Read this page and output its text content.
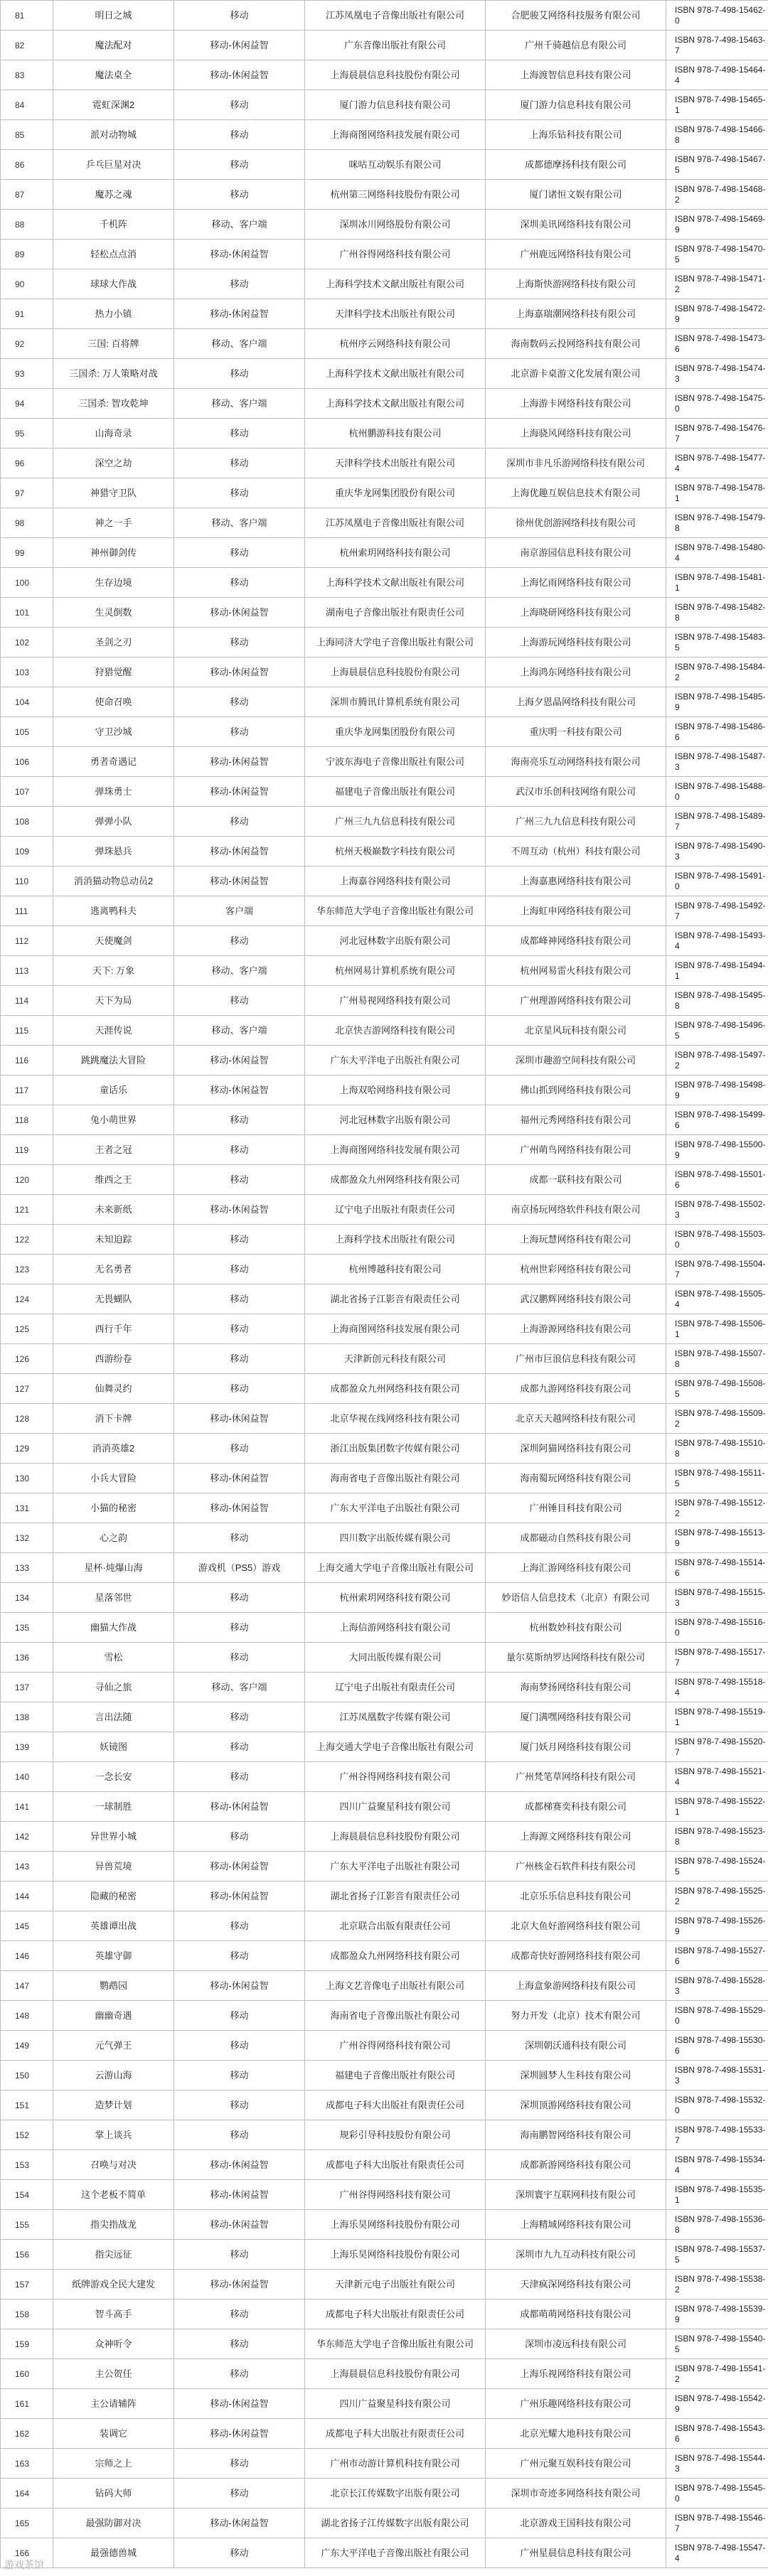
81	明日之城	移动	江苏凤凰电子音像出版社有限公司	合肥骏艾网络科技服务有限公司	ISBN 978-7-498-15462-0
82	魔法配对	移动-休闲益智	广东音像出版社有限公司	广州千骑越信息有限公司	ISBN 978-7-498-15463-7
83	魔法桌全	移动-休闲益智	上海晨晨信息科技股份有限公司	上海渡智信息科技有限公司	ISBN 978-7-498-15464-4
84	霓虹深渊2	移动	厦门游力信息科技有限公司	厦门游力信息科技有限公司	ISBN 978-7-498-15465-1
85	派对动物城	移动	上海商图网络科技发展有限公司	上海乐钻科技有限公司	ISBN 978-7-498-15466-8
86	乒乓巨星对决	移动	咪咕互动娱乐有限公司	成都德摩扬科技有限公司	ISBN 978-7-498-15467-5
87	魔苏之魂	移动	杭州第三网络科技股份有限公司	厦门诸恒文娱有限公司	ISBN 978-7-498-15468-2
88	千机阵	移动、客户端	深圳冰川网络股份有限公司	深圳美讯网络科技有限公司	ISBN 978-7-498-15469-9
89	轻松点点消	移动-休闲益智	广州谷得网络科技有限公司	广州鹿远网络科技有限公司	ISBN 978-7-498-15470-5
90	球球大作战	移动	上海科学技术文献出版社有限公司	上海斯快游网络科技有限公司	ISBN 978-7-498-15471-2
91	热力小镇	移动-休闲益智	天津科学技术出版社有限公司	上海嘉瑞潮网络科技有限公司	ISBN 978-7-498-15472-9
92	三国: 百将牌	移动、客户端	杭州序云网络科技有限公司	海南数码云投网络科技有限公司	ISBN 978-7-498-15473-6
93	三国杀: 万人策略对战	移动	上海科学技术文献出版社有限公司	北京游卡桌游文化发展有限公司	ISBN 978-7-498-15474-3
94	三国杀: 智攻乾坤	移动、客户端	上海科学技术文献出版社有限公司	上海游卡网络科技有限公司	ISBN 978-7-498-15475-0
95	山海奇录	移动	杭州鹏游科技有限公司	上海骁风网络科技有限公司	ISBN 978-7-498-15476-7
96	深空之劫	移动	天津科学技术出版社有限公司	深圳市非凡乐游网络科技有限公司	ISBN 978-7-498-15477-4
97	神猎守卫队	移动	重庆华龙网集团股份有限公司	上海优趣互娱信息技术有限公司	ISBN 978-7-498-15478-1
98	神之一手	移动、客户端	江苏凤凰电子音像出版社有限公司	徐州优创游网络科技有限公司	ISBN 978-7-498-15479-8
99	神州御剑传	移动	杭州索玥网络科技有限公司	南京游园信息科技有限公司	ISBN 978-7-498-15480-4
100	生存边境	移动	上海科学技术文献出版社有限公司	上海忆雨网络科技有限公司	ISBN 978-7-498-15481-1
101	生灵倒数	移动-休闲益智	湖南电子音像出版社有限责任公司	上海晓研网络科技有限公司	ISBN 978-7-498-15482-8
102	圣剑之刃	移动	上海同济大学电子音像出版社有限公司	上海游玩网络科技有限公司	ISBN 978-7-498-15483-5
103	狩猎觉醒	移动-休闲益智	上海晨晨信息科技股份有限公司	上海鸿东网络科技有限公司	ISBN 978-7-498-15484-2
104	使命召唤	移动	深圳市腾讯计算机系统有限公司	上海夕恩晶网络科技有限公司	ISBN 978-7-498-15485-9
105	守卫沙城	移动	重庆华龙网集团股份有限公司	重庆明一科技有限公司	ISBN 978-7-498-15486-6
106	勇者奇遇记	移动-休闲益智	宁波东海电子音像出版社有限公司	海南亮乐互动网络科技有限公司	ISBN 978-7-498-15487-3
107	弹珠勇士	移动-休闲益智	福建电子音像出版社有限公司	武汉市乐创科技网络有限公司	ISBN 978-7-498-15488-0
108	弹弹小队	移动	广州三九九信息科技有限公司	广州三九九信息科技有限公司	ISBN 978-7-498-15489-7
109	弹珠悬兵	移动-休闲益智	杭州天极巅数字科技有限公司	不周互动（杭州）科技有限公司	ISBN 978-7-498-15490-3
110	消消猫动物总动员2	移动-休闲益智	上海嘉谷网络科技有限公司	上海嘉惠网络科技有限公司	ISBN 978-7-498-15491-0
111	逃离鸭科夫	客户端	华东师范大学电子音像出版社有限公司	上海虹申网络科技有限公司	ISBN 978-7-498-15492-7
112	天使魔剑	移动	河北冠林数字出版有限公司	成都峰神网络科技有限公司	ISBN 978-7-498-15493-4
113	天下: 万象	移动、客户端	杭州网易计算机系统有限公司	杭州网易雷火科技有限公司	ISBN 978-7-498-15494-1
114	天下为局	移动	广州易视网络科技有限公司	广州理游网络科技有限公司	ISBN 978-7-498-15495-8
115	天涯传说	移动、客户端	北京快吉游网络科技有限公司	北京星风玩科技有限公司	ISBN 978-7-498-15496-5
116	跳跳魔法大冒险	移动-休闲益智	广东大平洋电子出版社有限公司	深圳市趣游空间科技有限公司	ISBN 978-7-498-15497-2
117	童话乐	移动-休闲益智	上海双哈网络科技有限公司	佛山抓到网络科技有限公司	ISBN 978-7-498-15498-9
118	兔小萌世界	移动	河北冠林数字出版有限公司	福州元秀网络科技有限公司	ISBN 978-7-498-15499-6
119	王者之冠	移动	上海商图网络科技发展有限公司	广州萌鸟网络科技有限公司	ISBN 978-7-498-15500-9
120	维西之王	移动	成都盈众九州网络科技有限公司	成都一联科技有限公司	ISBN 978-7-498-15501-6
121	未来新纸	移动-休闲益智	辽宁电子出版社有限责任公司	南京扬玩网络软件科技有限公司	ISBN 978-7-498-15502-3
122	未知迫踪	移动	上海科学技术出版社有限公司	上海玩慧网络科技有限公司	ISBN 978-7-498-15503-0
123	无名勇者	移动	杭州博越科技有限公司	杭州世彩网络科技有限公司	ISBN 978-7-498-15504-7
124	无畏蝴队	移动	湖北省扬子江影音有限责任公司	武汉鹏辉网络科技有限公司	ISBN 978-7-498-15505-4
125	西行千年	移动	上海商图网络科技发展有限公司	上海游源网络科技有限公司	ISBN 978-7-498-15506-1
126	西游纷卷	移动	天津新创元科技有限公司	广州市巨浪信息科技有限公司	ISBN 978-7-498-15507-8
127	仙舞灵约	移动	成都盈众九州网络科技有限公司	成都九游网络科技有限公司	ISBN 978-7-498-15508-5
128	消下卡牌	移动-休闲益智	北京华视在线网络科技有限公司	北京天天越网络科技有限公司	ISBN 978-7-498-15509-2
129	消消英雄2	移动	浙江出版集团数字传媒有限公司	深圳阿猫网络科技有限公司	ISBN 978-7-498-15510-8
130	小兵大冒险	移动-休闲益智	海南省电子音像出版社有限公司	海南蜀玩网络科技有限公司	ISBN 978-7-498-15511-5
131	小猫的秘密	移动-休闲益智	广东大平洋电子出版社有限公司	广州锤目科技有限公司	ISBN 978-7-498-15512-2
132	心之韵	移动	四川数字出版传媒有限公司	成都磁动自然科技有限公司	ISBN 978-7-498-15513-9
133	星杯·炖爆山海	游戏机（PS5）游戏	上海交通大学电子音像出版社有限公司	上海汇游网络科技有限公司	ISBN 978-7-498-15514-6
134	星落邻世	移动	杭州索玥网络科技有限公司	妙语信人信息技术（北京）有限公司	ISBN 978-7-498-15515-3
135	幽猫大作战	移动	上海信游网络科技有限公司	杭州数妙科技有限公司	ISBN 978-7-498-15516-0
136	雪松	移动	大同出版传媒有限公司	量尔莫斯纳罗达网络科技有限公司	ISBN 978-7-498-15517-7
137	寻仙之旅	移动、客户端	辽宁电子出版社有限责任公司	海南梦扬网络科技有限公司	ISBN 978-7-498-15518-4
138	言出法随	移动	江苏凤凰数字传媒有限公司	厦门满嘿网络科技有限公司	ISBN 978-7-498-15519-1
139	妖镜图	移动	上海交通大学电子音像出版社有限公司	厦门妖月网络科技有限公司	ISBN 978-7-498-15520-7
140	一念长安	移动	广州谷得网络科技有限公司	广州梵笔草网络科技有限公司	ISBN 978-7-498-15521-4
141	一球制胜	移动-休闲益智	四川广益聚星科技有限公司	成都梯赛奕科技有限公司	ISBN 978-7-498-15522-1
142	异世界小城	移动	上海晨晨信息科技股份有限公司	上海源文网络科技有限公司	ISBN 978-7-498-15523-8
143	异兽荒境	移动-休闲益智	广东大平洋电子出版社有限公司	广州核金石软件科技有限公司	ISBN 978-7-498-15524-5
144	隐藏的秘密	移动-休闲益智	湖北省扬子江影音有限责任公司	北京乐乐信息科技有限公司	ISBN 978-7-498-15525-2
145	英雄谭出战	移动	北京联合出版有限责任公司	北京大鱼好游网络科技有限公司	ISBN 978-7-498-15526-9
146	英雄守御	移动	成都盈众九州网络科技有限公司	成都奇快好游网络科技有限公司	ISBN 978-7-498-15527-6
147	鹦鹉园	移动-休闲益智	上海文艺音像电子出版社有限公司	上海盒象游网络科技有限公司	ISBN 978-7-498-15528-3
148	幽幽奇遇	移动	海南省电子音像出版社有限公司	努力开发（北京）技术有限公司	ISBN 978-7-498-15529-0
149	元气弹王	移动	广州谷得网络科技有限公司	深圳朝沃通科技有限公司	ISBN 978-7-498-15530-6
150	云游山海	移动	福建电子音像出版社有限公司	深圳圆梦人生科技有限公司	ISBN 978-7-498-15531-3
151	造梦计划	移动	成都电子科大出版社有限责任公司	深圳顶游网络科技有限公司	ISBN 978-7-498-15532-0
152	掌上谈兵	移动	规彩引导科技股份有限公司	海南鹏智网络科技有限公司	ISBN 978-7-498-15533-7
153	召唤与对决	移动-休闲益智	成都电子科大出版社有限责任公司	成都新游网络科技有限公司	ISBN 978-7-498-15534-4
154	这个老板不简单	移动-休闲益智	广州谷得网络科技有限公司	深圳寰宇互联网科技有限公司	ISBN 978-7-498-15535-1
155	指尖指战龙	移动-休闲益智	上海乐昊网络科技股份有限公司	上海精域网络科技有限公司	ISBN 978-7-498-15536-8
156	指尖远征	移动	上海乐昊网络科技股份有限公司	深圳市九九互动科技有限公司	ISBN 978-7-498-15537-5
157	纸牌游戏全民大建发	移动-休闲益智	天津新元电子出版社有限公司	天津疯深网络科技有限公司	ISBN 978-7-498-15538-2
158	智斗高手	移动	成都电子科大出版社有限责任公司	成都萌萌网络科技有限公司	ISBN 978-7-498-15539-9
159	众神听令	移动	华东师范大学电子音像出版社有限公司	深圳市凌远科技有限公司	ISBN 978-7-498-15540-5
160	主公贺任	移动	上海晨晨信息科技股份有限公司	上海乐视网络科技有限公司	ISBN 978-7-498-15541-2
161	主公请辅阵	移动-休闲益智	四川广益聚星科技有限公司	广州乐趣网络科技有限公司	ISBN 978-7-498-15542-9
162	装调它	移动-休闲益智	成都电子科大出版社有限责任公司	北京光耀大地科技有限公司	ISBN 978-7-498-15543-6
163	宗师之上	移动	广州市动游计算机科技有限公司	广州元聚互娱科技有限公司	ISBN 978-7-498-15544-3
164	钻码大师	移动	北京长江传媒数字出版有限公司	深圳市奇迹多网络科技有限公司	ISBN 978-7-498-15545-0
165	最强防御对决	移动-休闲益智	湖北省扬子江传媒数字出版有限公司	北京游戏王国科技有限公司	ISBN 978-7-498-15546-7
166	最强德兽城	移动	广东大平洋电子音像出版社有限公司	广州星晨信息科技有限公司	ISBN 978-7-498-15547-4
游戏茶馆
